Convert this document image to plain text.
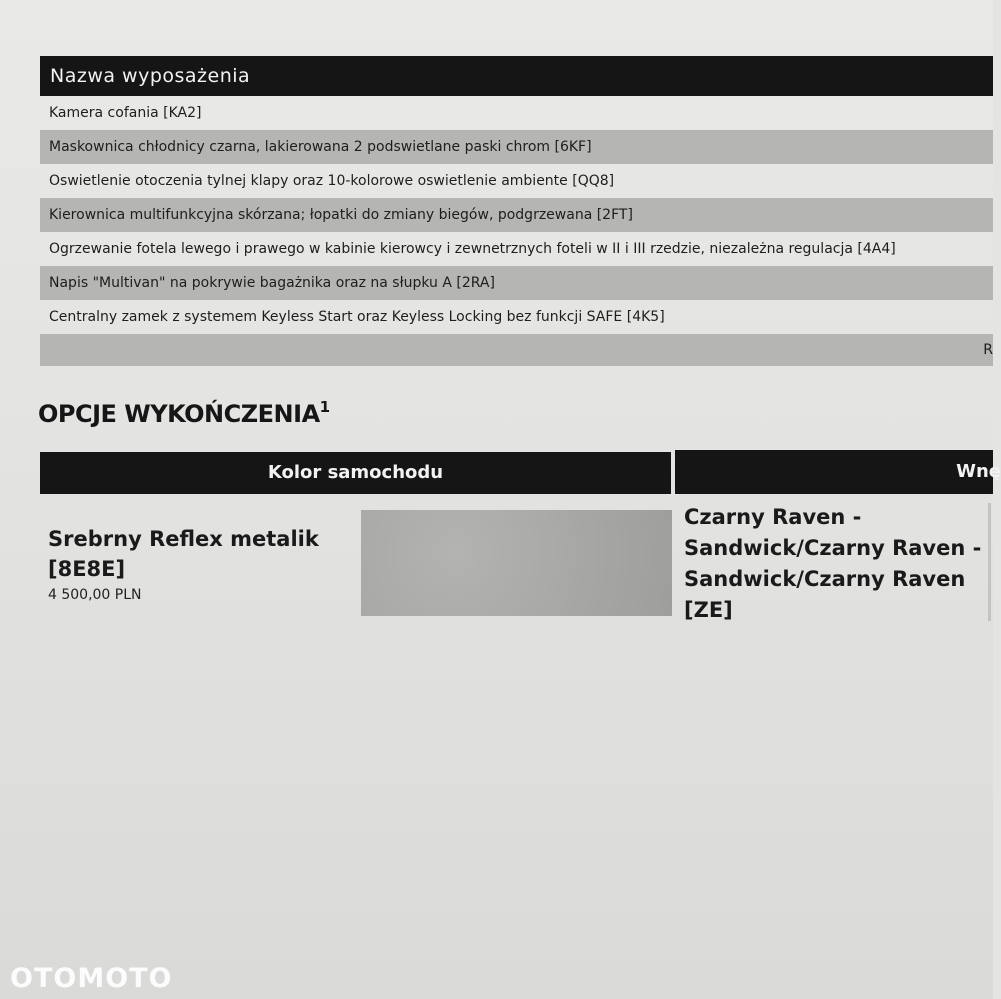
Nazwa wyposażenia
Kamera cofania [KA2]
Maskownica chłodnicy czarna, lakierowana 2 podswietlane paski chrom [6KF]
Oswietlenie otoczenia tylnej klapy oraz 10-kolorowe oswietlenie ambiente [QQ8]
Kierownica multifunkcyjna skórzana; łopatki do zmiany biegów, podgrzewana [2FT]
Ogrzewanie fotela lewego i prawego w kabinie kierowcy i zewnetrznych foteli w II i III rzedzie, niezależna regulacja [4A4]
Napis "Multivan" na pokrywie bagażnika oraz na słupku A [2RA]
Centralny zamek z systemem Keyless Start oraz Keyless Locking bez funkcji SAFE [4K5]
R
OPCJE WYKOŃCZENIA$^1$
Kolor samochodu	Wnę
Srebrny Reflex metalik [8E8E]
4 500,00 PLN
Czarny Raven - Sandwick/Czarny Raven - Sandwick/Czarny Raven [ZE]
OTOMOTO
